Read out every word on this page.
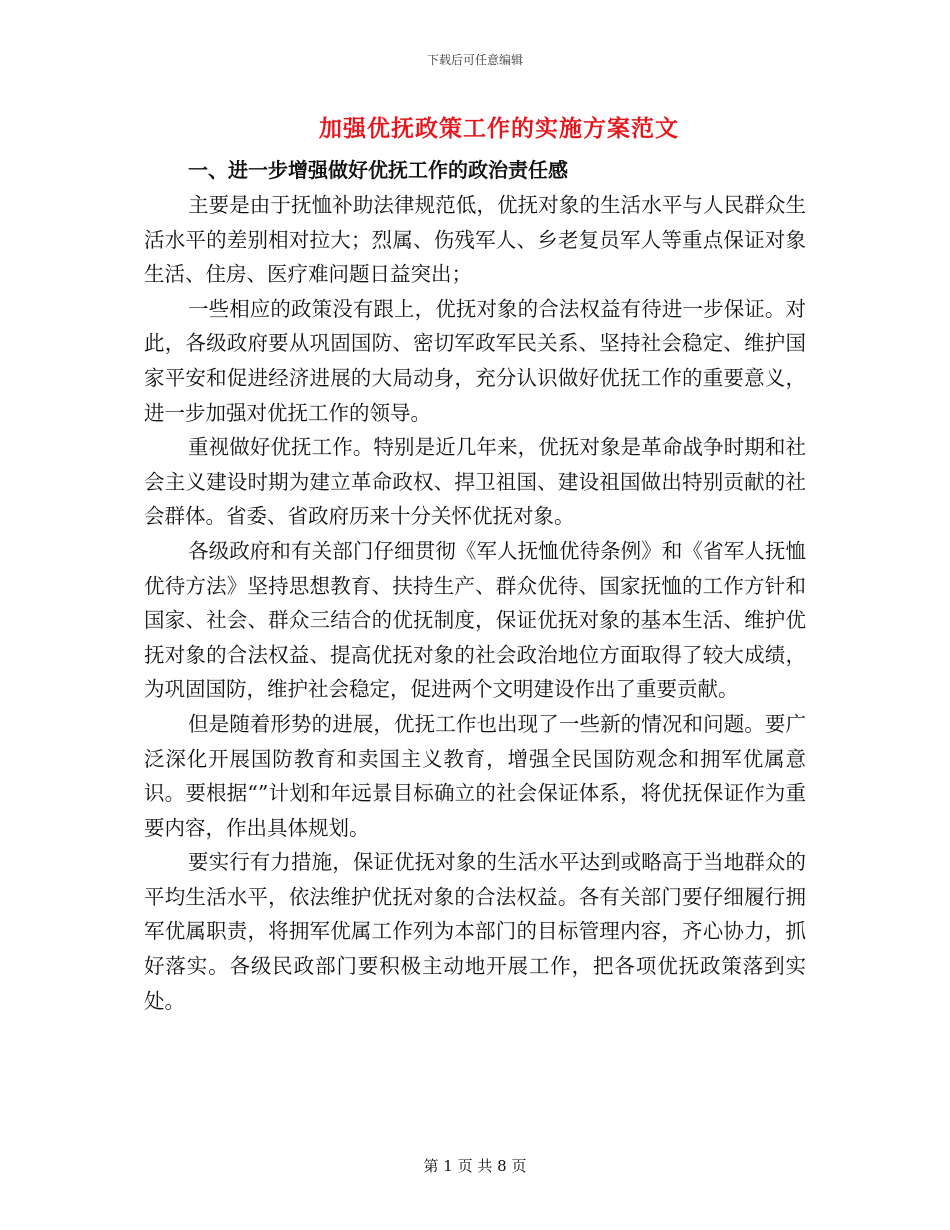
下载后可任意编辑
加强优抚政策工作的实施方案范文
一、进一步增强做好优抚工作的政治责任感

主要是由于抚恤补助法律规范低，优抚对象的生活水平与人民群众生活水平的差别相对拉大；烈属、伤残军人、乡老复员军人等重点保证对象生活、住房、医疗难问题日益突出；

一些相应的政策没有跟上，优抚对象的合法权益有待进一步保证。对此，各级政府要从巩固国防、密切军政军民关系、坚持社会稳定、维护国家平安和促进经济进展的大局动身，充分认识做好优抚工作的重要意义，进一步加强对优抚工作的领导。

重视做好优抚工作。特别是近几年来，优抚对象是革命战争时期和社会主义建设时期为建立革命政权、捍卫祖国、建设祖国做出特别贡献的社会群体。省委、省政府历来十分关怀优抚对象。

各级政府和有关部门仔细贯彻《军人抚恤优待条例》和《省军人抚恤优待方法》坚持思想教育、扶持生产、群众优待、国家抚恤的工作方针和国家、社会、群众三结合的优抚制度，保证优抚对象的基本生活、维护优抚对象的合法权益、提高优抚对象的社会政治地位方面取得了较大成绩，为巩固国防，维护社会稳定，促进两个文明建设作出了重要贡献。

但是随着形势的进展，优抚工作也出现了一些新的情况和问题。要广泛深化开展国防教育和卖国主义教育，增强全民国防观念和拥军优属意识。要根据“”计划和年远景目标确立的社会保证体系，将优抚保证作为重要内容，作出具体规划。

要实行有力措施，保证优抚对象的生活水平达到或略高于当地群众的平均生活水平，依法维护优抚对象的合法权益。各有关部门要仔细履行拥军优属职责，将拥军优属工作列为本部门的目标管理内容，齐心协力，抓好落实。各级民政部门要积极主动地开展工作，把各项优抚政策落到实处。

第 1 页 共 8 页
